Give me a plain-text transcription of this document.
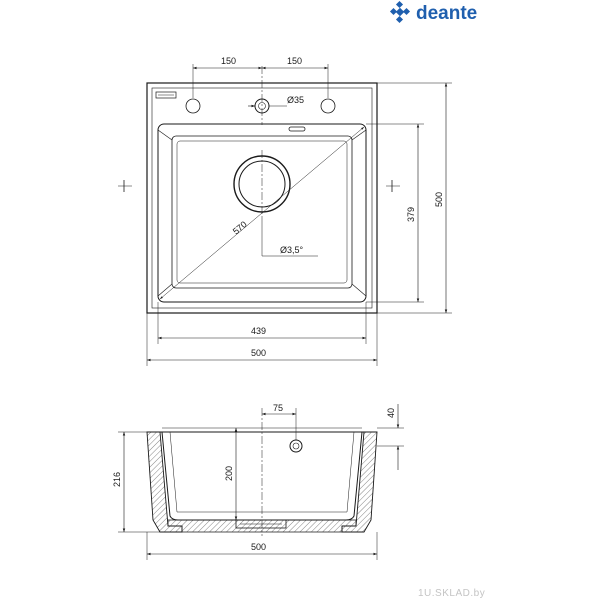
deante
150	150
Ø35
570
Ø3,5°
379
500
439
500
75	40
216	200
500
1U.SKLAD.by
